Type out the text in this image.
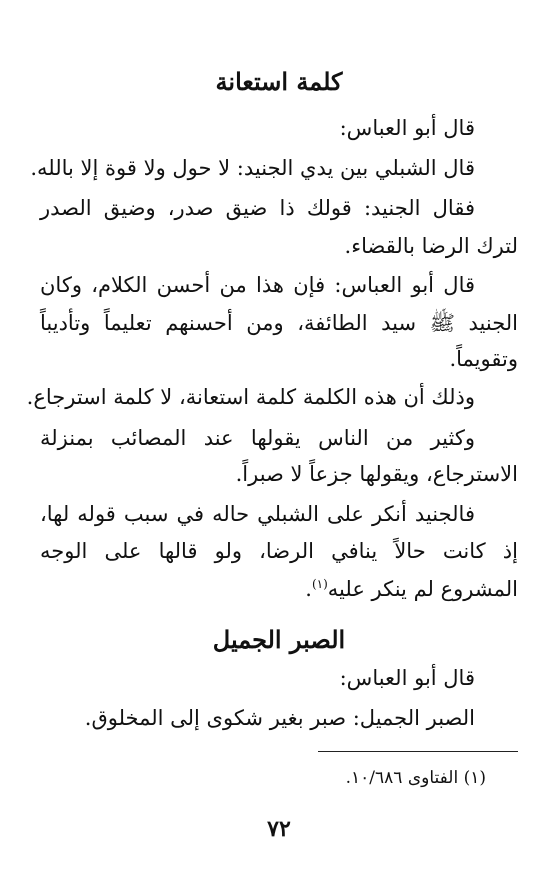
كلمة استعانة
قال أبو العباس:
قال الشبلي بين يدي الجنيد: لا حول ولا قوة إلا بالله.
فقال الجنيد: قولك ذا ضيق صدر، وضيق الصدر
لترك الرضا بالقضاء.
قال أبو العباس: فإن هذا من أحسن الكلام، وكان
الجنيد ﷺ سيد الطائفة، ومن أحسنهم تعليماً وتأديباً
وتقويماً.
وذلك أن هذه الكلمة كلمة استعانة، لا كلمة استرجاع.
وكثير من الناس يقولها عند المصائب بمنزلة
الاسترجاع، ويقولها جزعاً لا صبراً.
فالجنيد أنكر على الشبلي حاله في سبب قوله لها،
إذ كانت حالاً ينافي الرضا، ولو قالها على الوجه
المشروع لم ينكر عليه$^{(١)}$.
الصبر الجميل
قال أبو العباس:
الصبر الجميل: صبر بغير شكوى إلى المخلوق.
(١) الفتاوى ١٠/٦٨٦.
٧٢
